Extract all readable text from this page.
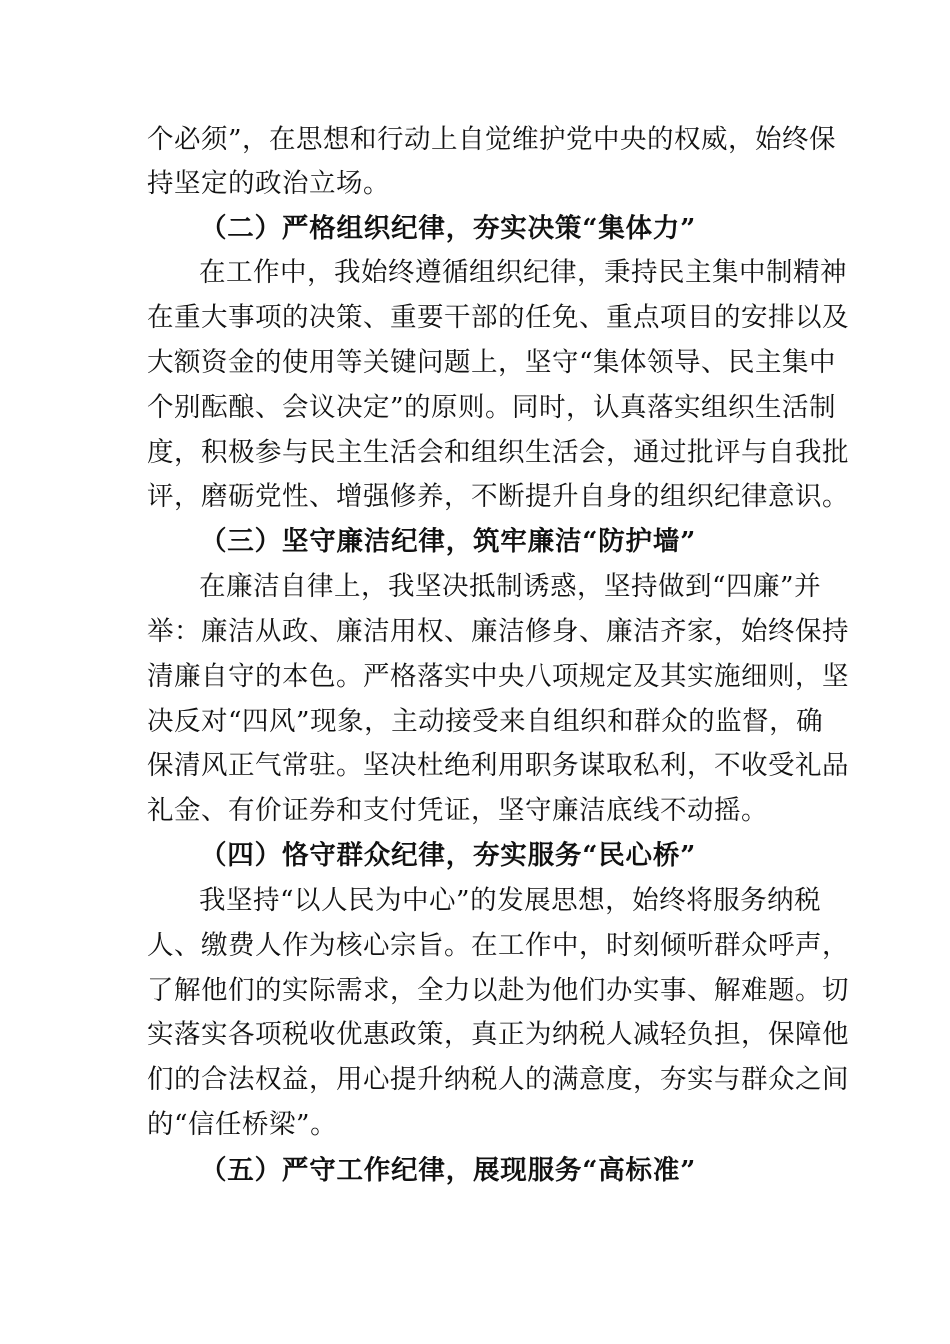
个必须”，在思想和行动上自觉维护党中央的权威，始终保
持坚定的政治立场。
（二）严格组织纪律，夯实决策“集体力”
在工作中，我始终遵循组织纪律，秉持民主集中制精神
在重大事项的决策、重要干部的任免、重点项目的安排以及
大额资金的使用等关键问题上，坚守“集体领导、民主集中
个别酝酿、会议决定”的原则。同时，认真落实组织生活制
度，积极参与民主生活会和组织生活会，通过批评与自我批
评，磨砺党性、增强修养，不断提升自身的组织纪律意识。
（三）坚守廉洁纪律，筑牢廉洁“防护墙”
在廉洁自律上，我坚决抵制诱惑，坚持做到“四廉”并
举：廉洁从政、廉洁用权、廉洁修身、廉洁齐家，始终保持
清廉自守的本色。严格落实中央八项规定及其实施细则，坚
决反对“四风”现象，主动接受来自组织和群众的监督，确
保清风正气常驻。坚决杜绝利用职务谋取私利，不收受礼品
礼金、有价证券和支付凭证，坚守廉洁底线不动摇。
（四）恪守群众纪律，夯实服务“民心桥”
我坚持“以人民为中心”的发展思想，始终将服务纳税
人、缴费人作为核心宗旨。在工作中，时刻倾听群众呼声，
了解他们的实际需求，全力以赴为他们办实事、解难题。切
实落实各项税收优惠政策，真正为纳税人减轻负担，保障他
们的合法权益，用心提升纳税人的满意度，夯实与群众之间
的“信任桥梁”。
（五）严守工作纪律，展现服务“高标准”
